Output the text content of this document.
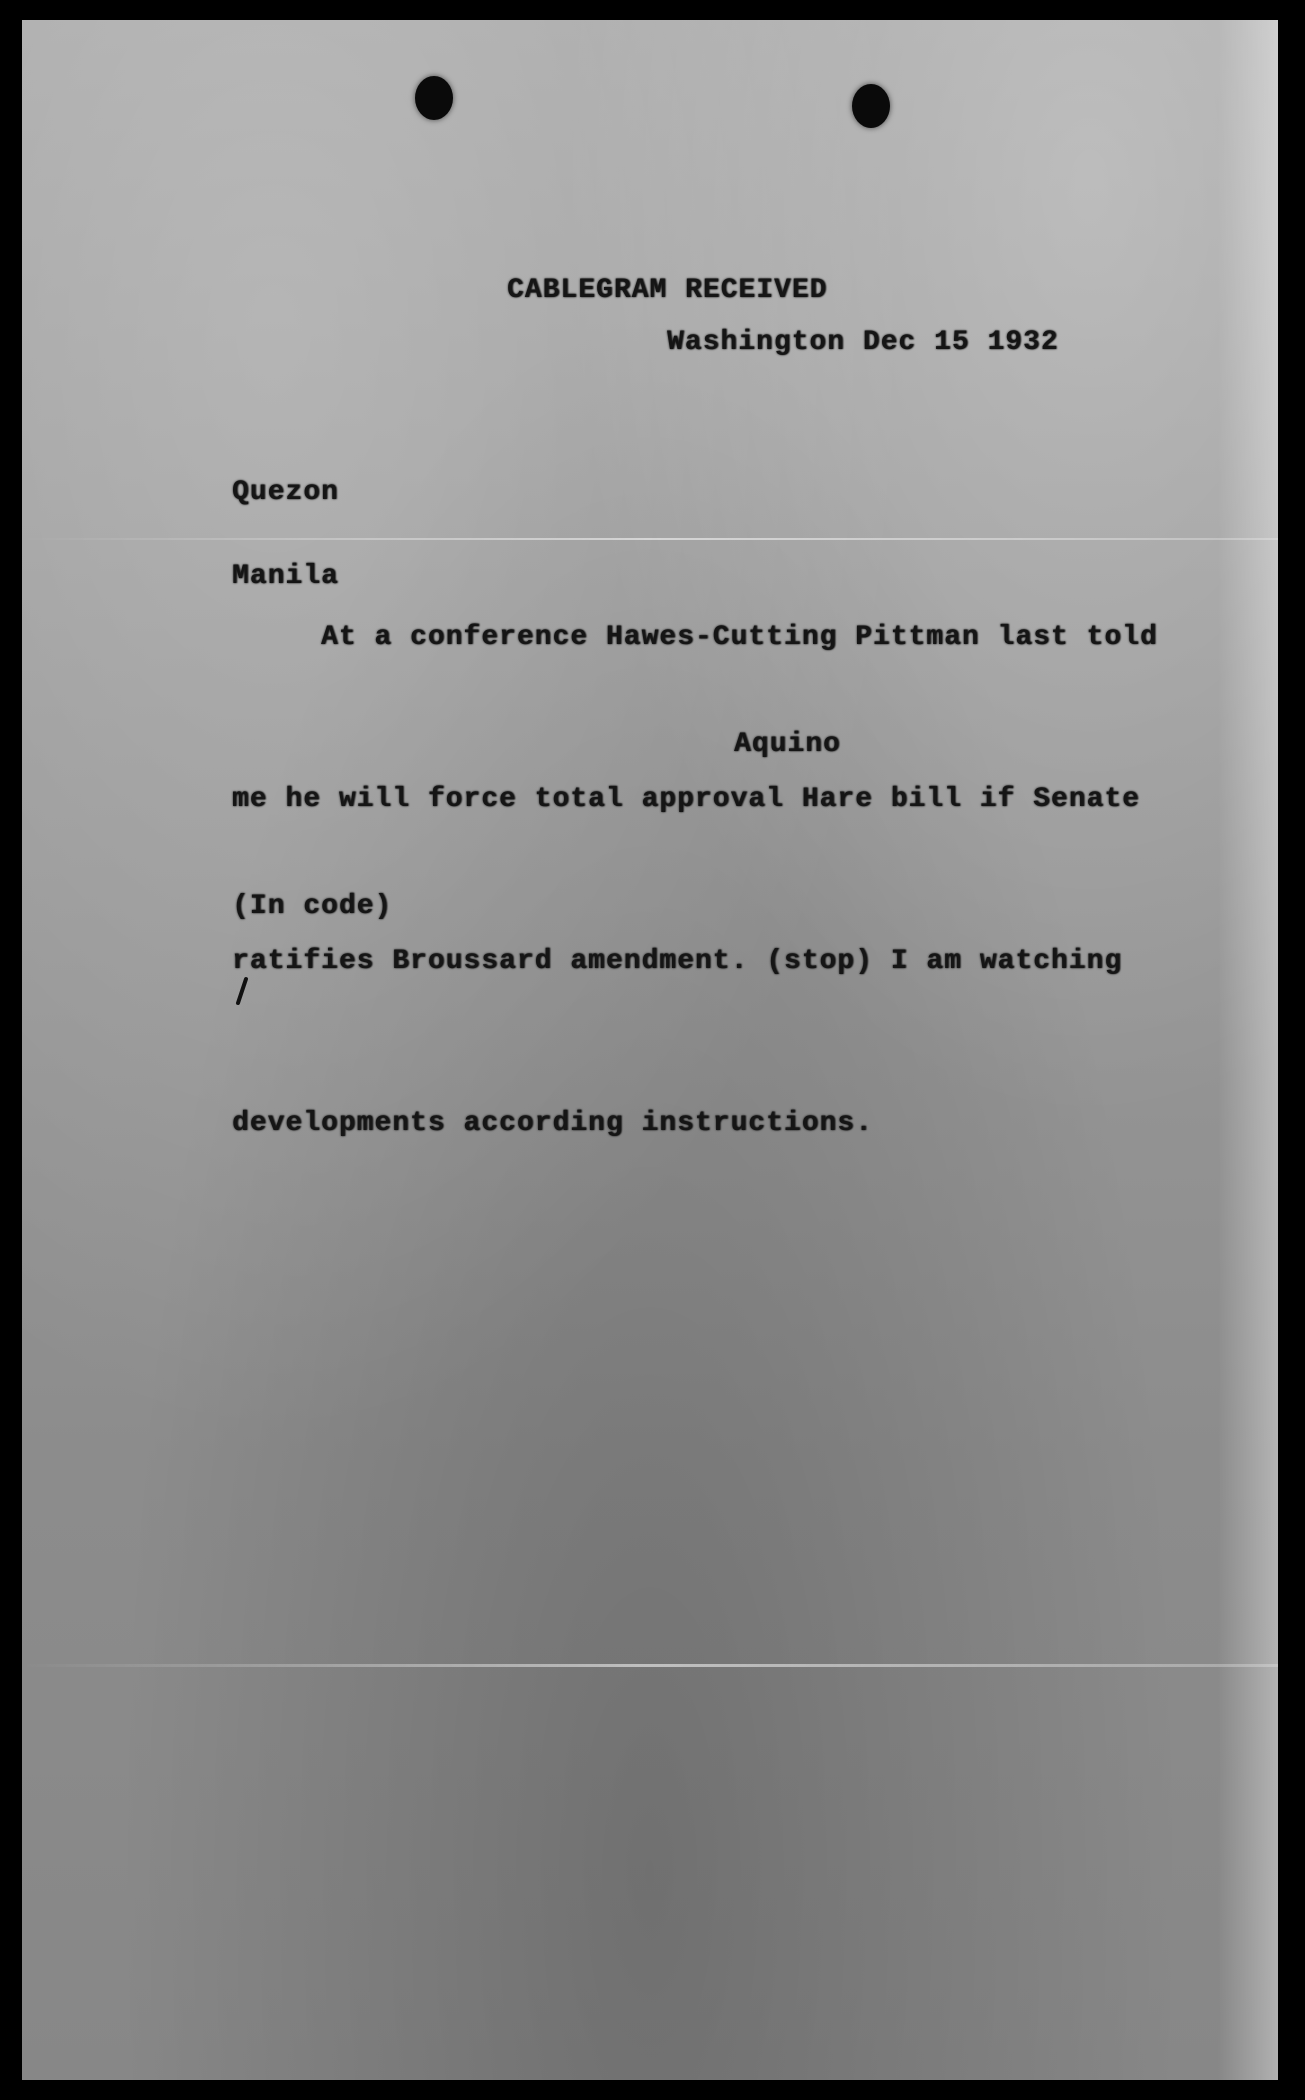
CABLEGRAM RECEIVED
Washington Dec 15 1932

Quezon

Manila

At a conference Hawes-Cutting Pittman last told

me he will force total approval Hare bill if Senate

ratifies Broussard amendment. (stop) I am watching

developments according instructions.

Aquino
(In code)
